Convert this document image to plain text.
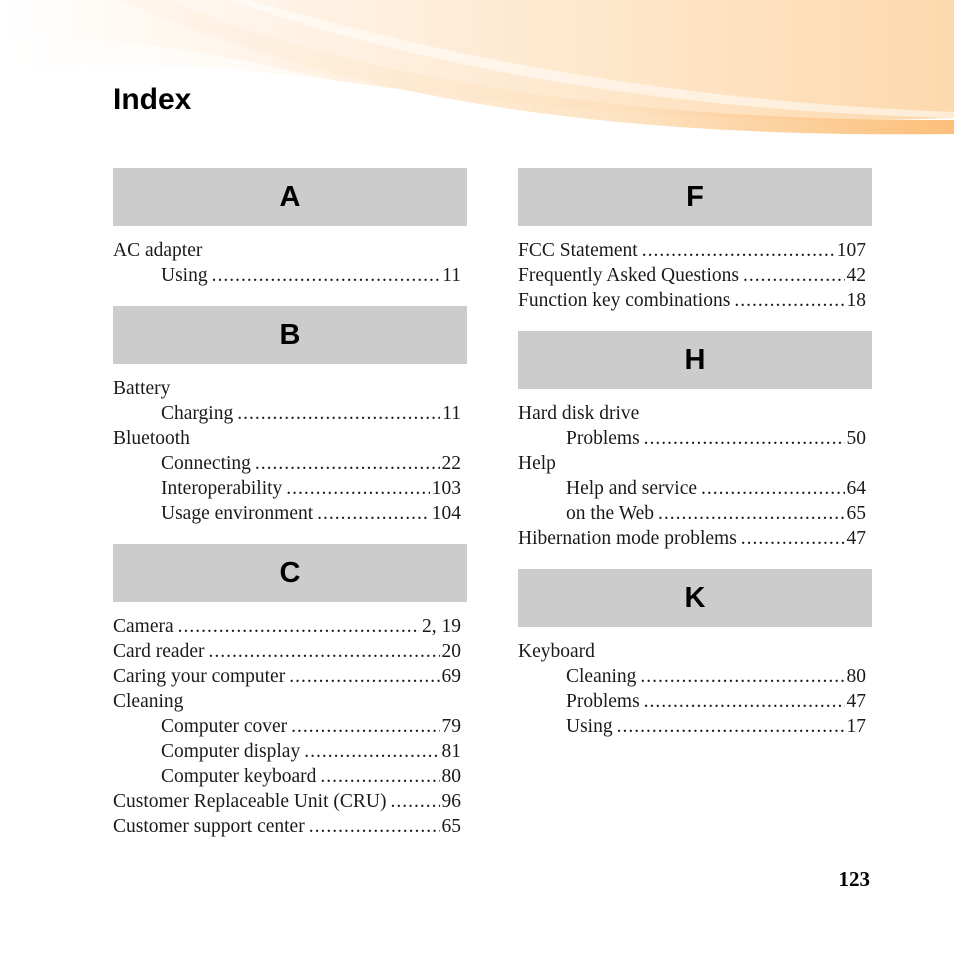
Index
A
AC adapter
Using .....	11
B
Battery
Charging .....	11
Bluetooth
Connecting .....	22
Interoperability .....	103
Usage environment .....	104
C
Camera .....	2, 19
Card reader .....	20
Caring your computer .....	69
Cleaning
Computer cover .....	79
Computer display .....	81
Computer keyboard .....	80
Customer Replaceable Unit (CRU) .....	96
Customer support center .....	65
F
FCC Statement .....	107
Frequently Asked Questions .....	42
Function key combinations .....	18
H
Hard disk drive
Problems .....	50
Help
Help and service .....	64
on the Web .....	65
Hibernation mode problems .....	47
K
Keyboard
Cleaning .....	80
Problems .....	47
Using .....	17
123
